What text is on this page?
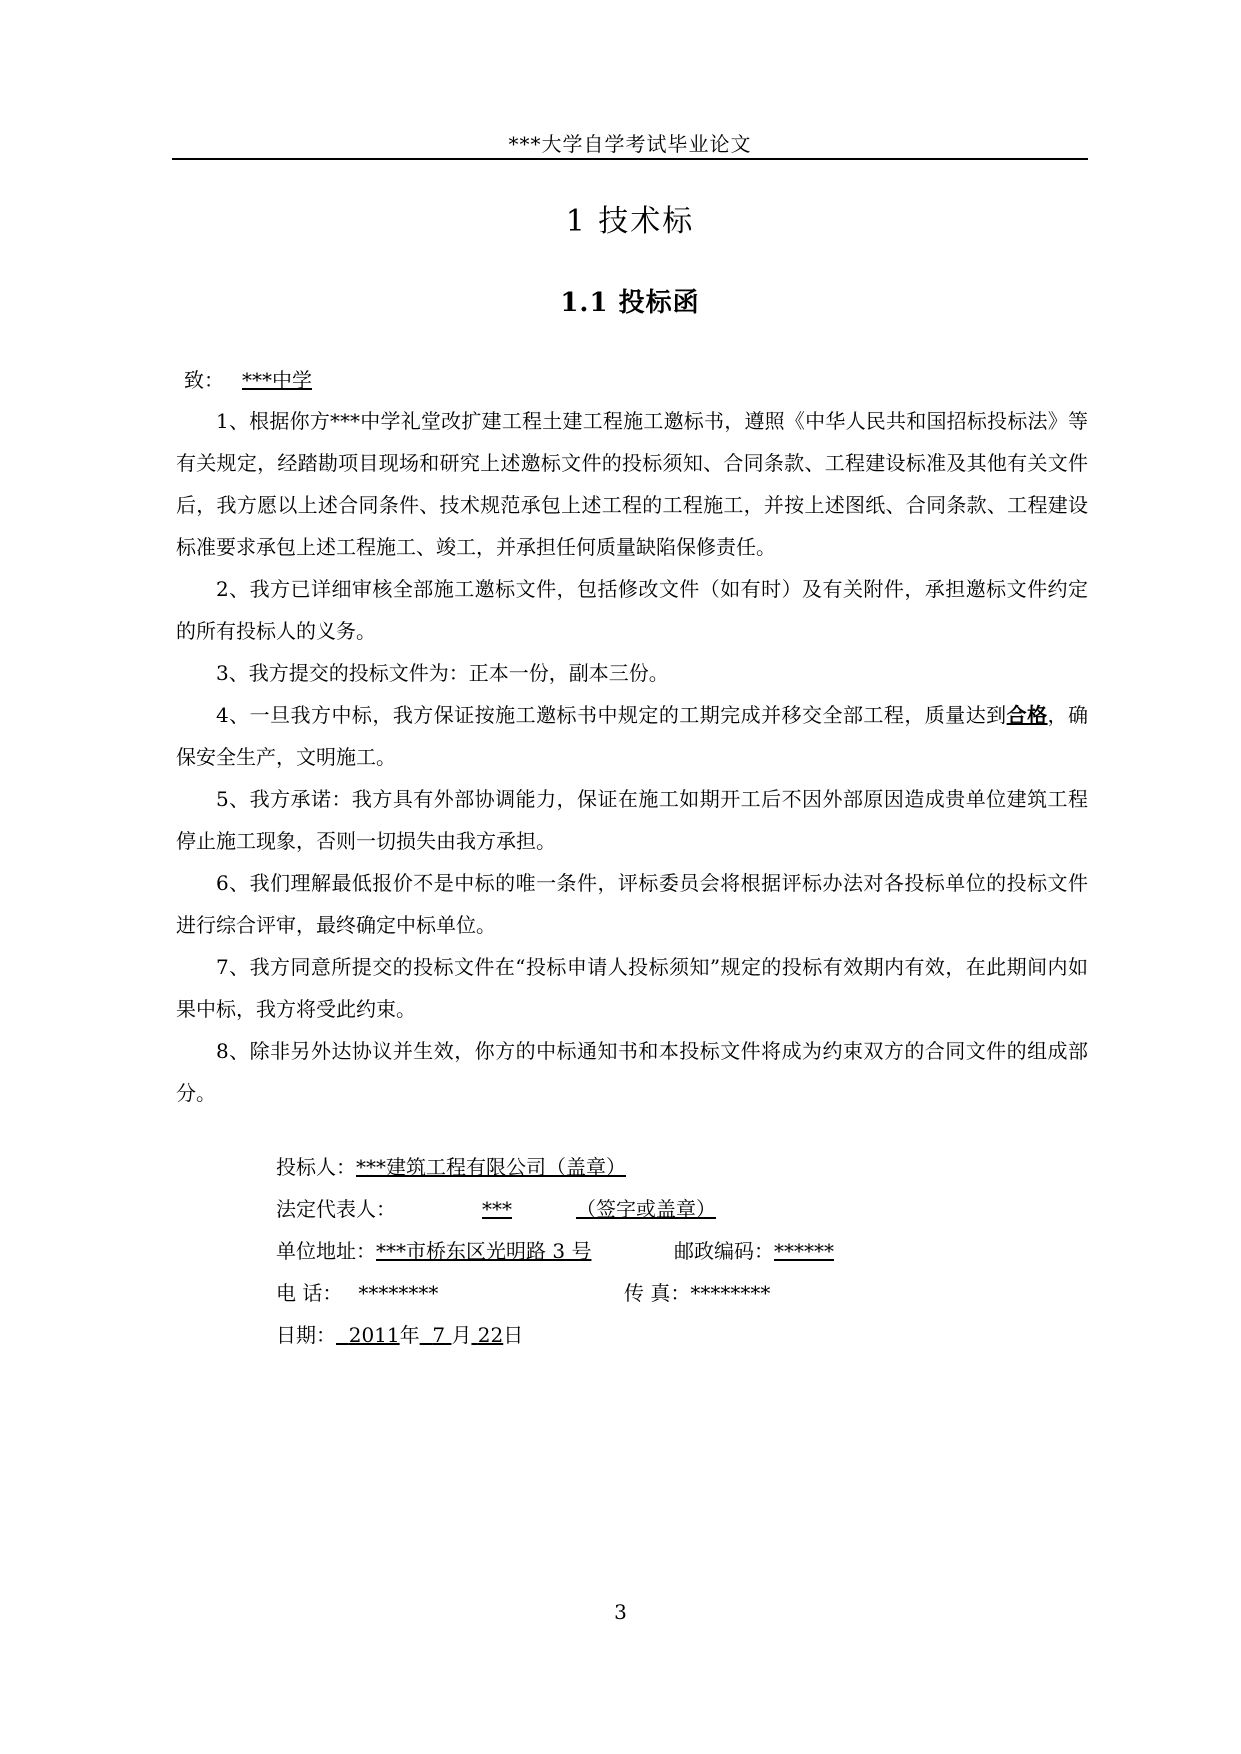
***大学自学考试毕业论文
1 技术标
1.1 投标函
致： ***中学

1、根据你方***中学礼堂改扩建工程土建工程施工邀标书，遵照《中华人民共和国招标投标法》等有关规定，经踏勘项目现场和研究上述邀标文件的投标须知、合同条款、工程建设标准及其他有关文件后，我方愿以上述合同条件、技术规范承包上述工程的工程施工，并按上述图纸、合同条款、工程建设标准要求承包上述工程施工、竣工，并承担任何质量缺陷保修责任。

2、我方已详细审核全部施工邀标文件，包括修改文件（如有时）及有关附件，承担邀标文件约定的所有投标人的义务。

3、我方提交的投标文件为：正本一份，副本三份。

4、一旦我方中标，我方保证按施工邀标书中规定的工期完成并移交全部工程，质量达到合格，确保安全生产，文明施工。

5、我方承诺：我方具有外部协调能力，保证在施工如期开工后不因外部原因造成贵单位建筑工程停止施工现象，否则一切损失由我方承担。

6、我们理解最低报价不是中标的唯一条件，评标委员会将根据评标办法对各投标单位的投标文件进行综合评审，最终确定中标单位。

7、我方同意所提交的投标文件在“投标申请人投标须知”规定的投标有效期内有效，在此期间内如果中标，我方将受此约束。

8、除非另外达协议并生效，你方的中标通知书和本投标文件将成为约束双方的合同文件的组成部分。

投标人：***建筑工程有限公司（盖章）
法定代表人：	***	（签字或盖章）
单位地址：***市桥东区光明路 3 号	邮政编码：******
电 话： ********	传 真：********
日期： 2011年 7 月 22日
3
